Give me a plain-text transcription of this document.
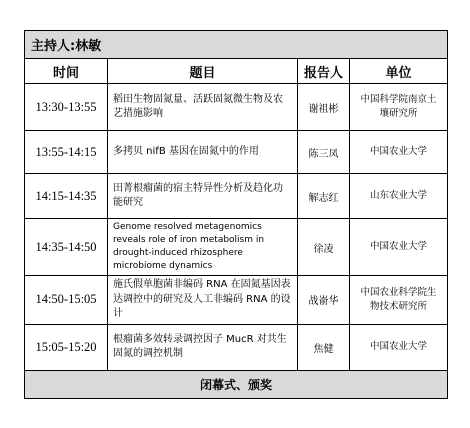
主持人:林敏			
时间	题目	报告人	单位
13:30-13:55	稻田生物固氮量、活跃固氮微生物及农艺措施影响	谢祖彬	中国科学院南京土壤研究所
13:55-14:15	多拷贝 nifB 基因在固氮中的作用	陈三凤	中国农业大学
14:15-14:35	田菁根瘤菌的宿主特异性分析及趋化功能研究	解志红	山东农业大学
14:35-14:50	Genome resolved metagenomics reveals role of iron metabolism in drought-induced rhizosphere microbiome dynamics	徐凌	中国农业大学
14:50-15:05	施氏假单胞菌非编码 RNA 在固氮基因表达调控中的研究及人工非编码 RNA 的设计	战嵛华	中国农业科学院生物技术研究所
15:05-15:20	根瘤菌多效转录调控因子 MucR 对共生固氮的调控机制	焦健	中国农业大学
闭幕式、颁奖			
